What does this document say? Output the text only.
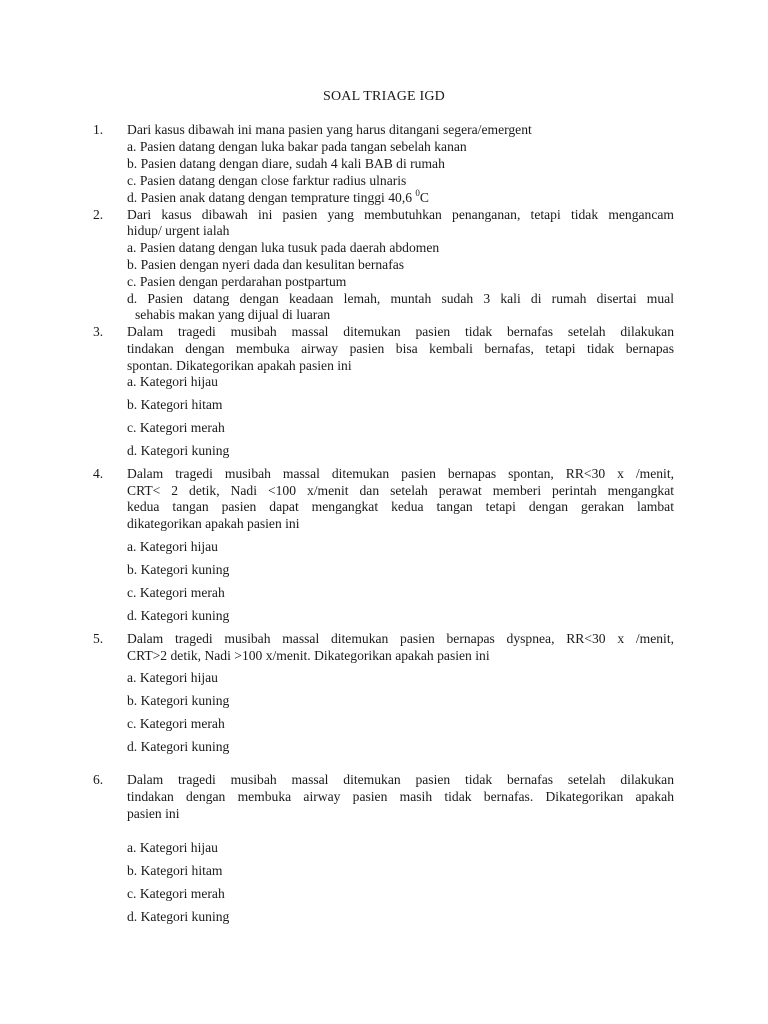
SOAL TRIAGE IGD
1. Dari kasus dibawah ini mana pasien yang harus ditangani segera/emergent
a. Pasien datang dengan luka bakar pada tangan sebelah kanan
b. Pasien datang dengan diare, sudah 4 kali BAB di rumah
c. Pasien datang dengan close farktur radius ulnaris
d. Pasien anak datang dengan temprature tinggi 40,6 $^0$C
2. Dari kasus dibawah ini pasien yang membutuhkan penanganan, tetapi tidak mengancam
hidup/ urgent ialah
a. Pasien datang dengan luka tusuk pada daerah abdomen
b. Pasien dengan nyeri dada dan kesulitan bernafas
c. Pasien dengan perdarahan postpartum
d. Pasien datang dengan keadaan lemah, muntah sudah 3 kali di rumah disertai mual
sehabis makan yang dijual di luaran
3. Dalam tragedi musibah massal ditemukan pasien tidak bernafas setelah dilakukan
tindakan dengan membuka airway pasien bisa kembali bernafas, tetapi tidak bernapas
spontan. Dikategorikan apakah pasien ini
a. Kategori hijau
b. Kategori hitam
c. Kategori merah
d. Kategori kuning
4. Dalam tragedi musibah massal ditemukan pasien bernapas spontan, RR<30 x /menit,
CRT< 2 detik, Nadi <100 x/menit dan setelah perawat memberi perintah mengangkat
kedua tangan pasien dapat mengangkat kedua tangan tetapi dengan gerakan lambat
dikategorikan apakah pasien ini
a. Kategori hijau
b. Kategori kuning
c. Kategori merah
d. Kategori kuning
5. Dalam tragedi musibah massal ditemukan pasien bernapas dyspnea, RR<30 x /menit,
CRT>2 detik, Nadi >100 x/menit. Dikategorikan apakah pasien ini
a. Kategori hijau
b. Kategori kuning
c. Kategori merah
d. Kategori kuning
6. Dalam tragedi musibah massal ditemukan pasien tidak bernafas setelah dilakukan
tindakan dengan membuka airway pasien masih tidak bernafas. Dikategorikan apakah
pasien ini
a. Kategori hijau
b. Kategori hitam
c. Kategori merah
d. Kategori kuning
